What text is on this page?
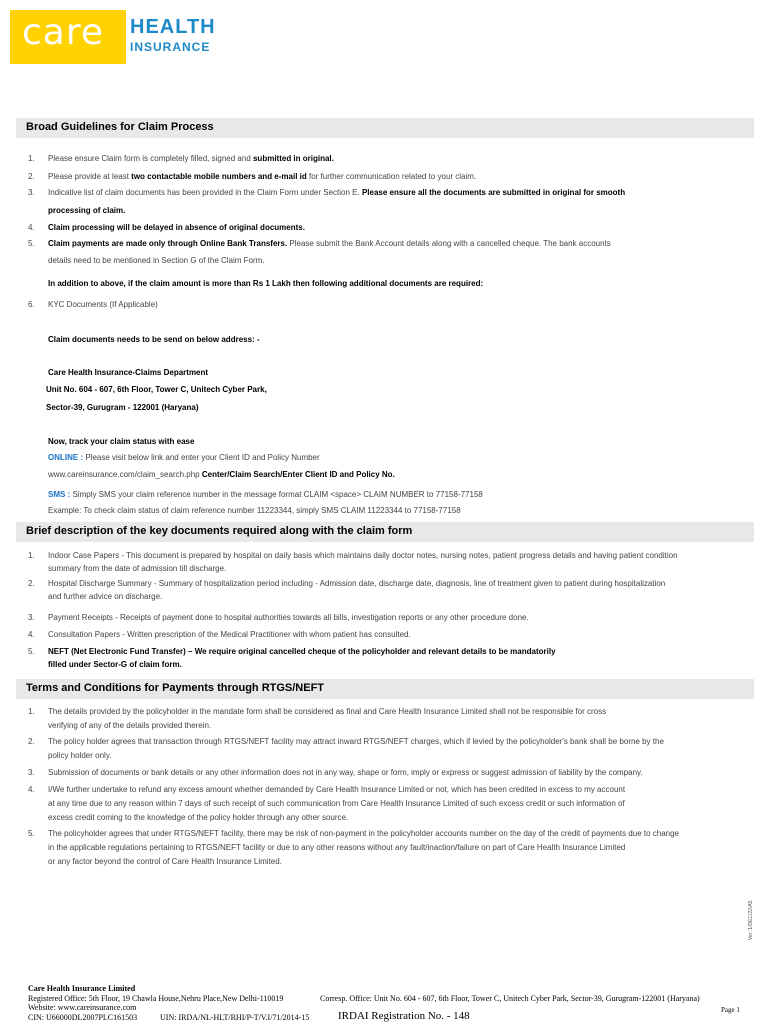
care HEALTH
INSURANCE
Broad Guidelines for Claim Process
1. Please ensure Claim form is completely filled, signed and submitted in original.
2. Please provide at least two contactable mobile numbers and e-mail id for further communication related to your claim.
3. Indicative list of claim documents has been provided in the Claim Form under Section E. Please ensure all the documents are submitted in original for smooth
processing of claim.
4. Claim processing will be delayed in absence of original documents.
5. Claim payments are made only through Online Bank Transfers. Please submit the Bank Account details along with a cancelled cheque. The bank accounts
details need to be mentioned in Section G of the Claim Form.
In addition to above, if the claim amount is more than Rs 1 Lakh then following additional documents are required:
6. KYC Documents (If Applicable)
Claim documents needs to be send on below address: -
Care Health Insurance-Claims Department
Unit No. 604 - 607, 6th Floor, Tower C, Unitech Cyber Park,
Sector-39, Gurugram - 122001 (Haryana)
Now, track your claim status with ease
ONLINE : Please visit below link and enter your Client ID and Policy Number
www.careinsurance.com/claim_search.php Center/Claim Search/Enter Client ID and Policy No.
SMS : Simply SMS your claim reference number in the message format CLAIM <space> CLAIM NUMBER to 77158-77158
Example: To check claim status of claim reference number 11223344, simply SMS CLAIM 11223344 to 77158-77158
Brief description of the key documents required along with the claim form
1. Indoor Case Papers - This document is prepared by hospital on daily basis which maintains daily doctor notes, nursing notes, patient progress details and having patient condition
summary from the date of admission till discharge.
2. Hospital Discharge Summary - Summary of hospitalization period including - Admission date, discharge date, diagnosis, line of treatment given to patient during hospitalization
and further advice on discharge.
3. Payment Receipts - Receipts of payment done to hospital authorities towards all bills, investigation reports or any other procedure done.
4. Consultation Papers - Written prescription of the Medical Practitioner with whom patient has consulted.
5. NEFT (Net Electronic Fund Transfer) – We require original cancelled cheque of the policyholder and relevant details to be mandatorily
filled under Sector-G of claim form.
Terms and Conditions for Payments through RTGS/NEFT
1. The details provided by the policyholder in the mandate form shall be considered as final and Care Health Insurance Limited shall not be responsible for cross
verifying of any of the details provided therein.
2. The policy holder agrees that transaction through RTGS/NEFT facility may attract inward RTGS/NEFT charges, which if levied by the policyholder's bank shall be borne by the
policy holder only.
3. Submission of documents or bank details or any other information does not in any way, shape or form, imply or express or suggest admission of liability by the company.
4. I/We further undertake to refund any excess amount whether demanded by Care Health Insurance Limited or not, which has been credited in excess to my account
at any time due to any reason within 7 days of such receipt of such communication from Care Health Insurance Limited of such excess credit or such information of
excess credit coming to the knowledge of the policy holder through any other source.
5. The policyholder agrees that under RTGS/NEFT facility, there may be risk of non-payment in the policyholder accounts number on the day of the credit of payments due to change
in the applicable regulations pertaining to RTGS/NEFT facility or due to any other reasons without any fault/inaction/failure on part of Care Health Insurance Limited
or any factor beyond the control of Care Health Insurance Limited.
Ver: 1/DEC/22/A5
Care Health Insurance Limited
Registered Office: 5th Floor, 19 Chawla House,Nehru Place,New Delhi-110019	Corresp. Office: Unit No. 604 - 607, 6th Floor, Tower C, Unitech Cyber Park, Sector-39, Gurugram-122001 (Haryana)
Website: www.careinsurance.com	Page 1
CIN: U66000DL2007PLC161503	UIN: IRDA/NL-HLT/RHI/P-T/V.I/71/2014-15	IRDAI Registration No. - 148
